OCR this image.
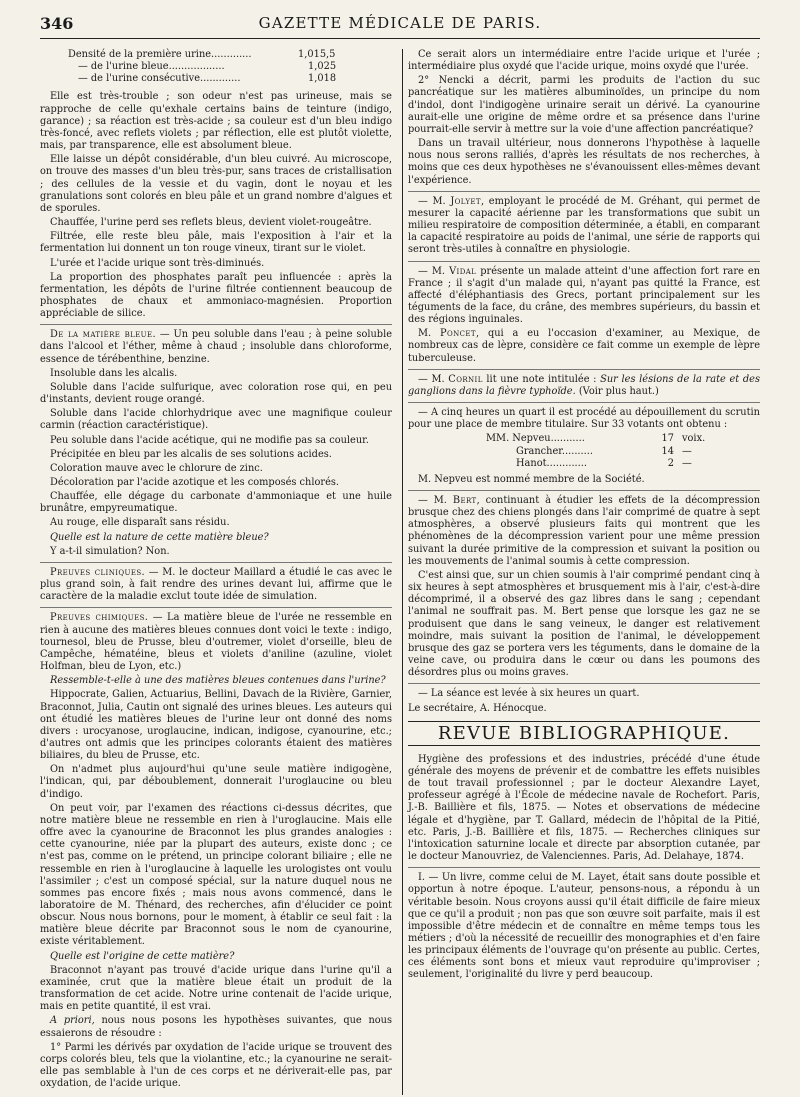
346	GAZETTE MÉDICALE DE PARIS.
Densité de la première urine.............	1,015,5
— de l'urine bleue..................	1,025
— de l'urine consécutive.............	1,018

Elle est très-trouble ; son odeur n'est pas urineuse, mais se rapproche de celle qu'exhale certains bains de teinture (indigo, garance) ; sa réaction est très-acide ; sa couleur est d'un bleu indigo très-foncé, avec reflets violets ; par réflection, elle est plutôt violette, mais, par transparence, elle est absolument bleue.

Elle laisse un dépôt considérable, d'un bleu cuivré. Au microscope, on trouve des masses d'un bleu très-pur, sans traces de cristallisation ; des cellules de la vessie et du vagin, dont le noyau et les granulations sont colorés en bleu pâle et un grand nombre d'algues et de sporules.

Chauffée, l'urine perd ses reflets bleus, devient violet-rougeâtre.

Filtrée, elle reste bleu pâle, mais l'exposition à l'air et la fermentation lui donnent un ton rouge vineux, tirant sur le violet.

L'urée et l'acide urique sont très-diminués.

La proportion des phosphates paraît peu influencée : après la fermentation, les dépôts de l'urine filtrée contiennent beaucoup de phosphates de chaux et ammoniaco-magnésien. Proportion appréciable de silice.

De la matière bleue. — Un peu soluble dans l'eau ; à peine soluble dans l'alcool et l'éther, même à chaud ; insoluble dans chloroforme, essence de térébenthine, benzine.

Insoluble dans les alcalis.

Soluble dans l'acide sulfurique, avec coloration rose qui, en peu d'instants, devient rouge orangé.

Soluble dans l'acide chlorhydrique avec une magnifique couleur carmin (réaction caractéristique).

Peu soluble dans l'acide acétique, qui ne modifie pas sa couleur.

Précipitée en bleu par les alcalis de ses solutions acides.

Coloration mauve avec le chlorure de zinc.

Décoloration par l'acide azotique et les composés chlorés.

Chauffée, elle dégage du carbonate d'ammoniaque et une huile brunâtre, empyreumatique.

Au rouge, elle disparaît sans résidu.

Quelle est la nature de cette matière bleue?

Y a-t-il simulation? Non.

Preuves cliniques. — M. le docteur Maillard a étudié le cas avec le plus grand soin, à fait rendre des urines devant lui, affirme que le caractère de la maladie exclut toute idée de simulation.

Preuves chimiques. — La matière bleue de l'urée ne ressemble en rien à aucune des matières bleues connues dont voici le texte : indigo, tournesol, bleu de Prusse, bleu d'outremer, violet d'orseille, bleu de Campêche, hématéine, bleus et violets d'aniline (azuline, violet Holfman, bleu de Lyon, etc.)

Ressemble-t-elle à une des matières bleues contenues dans l'urine?

Hippocrate, Galien, Actuarius, Bellini, Davach de la Rivière, Garnier, Braconnot, Julia, Cautin ont signalé des urines bleues. Les auteurs qui ont étudié les matières bleues de l'urine leur ont donné des noms divers : urocyanose, uroglaucine, indican, indigose, cyanourine, etc.; d'autres ont admis que les principes colorants étaient des matières biliaires, du bleu de Prusse, etc.

On n'admet plus aujourd'hui qu'une seule matière indigogène, l'indican, qui, par déboublement, donnerait l'uroglaucine ou bleu d'indigo.

On peut voir, par l'examen des réactions ci-dessus décrites, que notre matière bleue ne ressemble en rien à l'uroglaucine. Mais elle offre avec la cyanourine de Braconnot les plus grandes analogies : cette cyanourine, niée par la plupart des auteurs, existe donc ; ce n'est pas, comme on le prétend, un principe colorant biliaire ; elle ne ressemble en rien à l'uroglaucine à laquelle les urologistes ont voulu l'assimiler ; c'est un composé spécial, sur la nature duquel nous ne sommes pas encore fixés ; mais nous avons commencé, dans le laboratoire de M. Thénard, des recherches, afin d'élucider ce point obscur. Nous nous bornons, pour le moment, à établir ce seul fait : la matière bleue décrite par Braconnot sous le nom de cyanourine, existe véritablement.

Quelle est l'origine de cette matière?

Braconnot n'ayant pas trouvé d'acide urique dans l'urine qu'il a examinée, crut que la matière bleue était un produit de la transformation de cet acide. Notre urine contenait de l'acide urique, mais en petite quantité, il est vrai.

A priori, nous nous posons les hypothèses suivantes, que nous essaierons de résoudre :

1° Parmi les dérivés par oxydation de l'acide urique se trouvent des corps colorés bleu, tels que la violantine, etc.; la cyanourine ne serait-elle pas semblable à l'un de ces corps et ne dériverait-elle pas, par oxydation, de l'acide urique.

Ce serait alors un intermédiaire entre l'acide urique et l'urée ; intermédiaire plus oxydé que l'acide urique, moins oxydé que l'urée.

2° Nencki a décrit, parmi les produits de l'action du suc pancréatique sur les matières albuminoïdes, un principe du nom d'indol, dont l'indigogène urinaire serait un dérivé. La cyanourine aurait-elle une origine de même ordre et sa présence dans l'urine pourrait-elle servir à mettre sur la voie d'une affection pancréatique?

Dans un travail ultérieur, nous donnerons l'hypothèse à laquelle nous nous serons ralliés, d'après les résultats de nos recherches, à moins que ces deux hypothèses ne s'évanouissent elles-mêmes devant l'expérience.

— M. Jolyet, employant le procédé de M. Gréhant, qui permet de mesurer la capacité aérienne par les transformations que subit un milieu respiratoire de composition déterminée, a établi, en comparant la capacité respiratoire au poids de l'animal, une série de rapports qui seront très-utiles à connaître en physiologie.

— M. Vidal présente un malade atteint d'une affection fort rare en France ; il s'agit d'un malade qui, n'ayant pas quitté la France, est affecté d'éléphantiasis des Grecs, portant principalement sur les téguments de la face, du crâne, des membres supérieurs, du bassin et des régions inguinales.

M. Poncet, qui a eu l'occasion d'examiner, au Mexique, de nombreux cas de lèpre, considère ce fait comme un exemple de lèpre tuberculeuse.

— M. Cornil lit une note intitulée : Sur les lésions de la rate et des ganglions dans la fièvre typhoïde. (Voir plus haut.)

— A cinq heures un quart il est procédé au dépouillement du scrutin pour une place de membre titulaire. Sur 33 votants ont obtenu :

MM. Nepveu...........	17 voix.
Grancher..........	14 —
Hanot.............	2 —

M. Nepveu est nommé membre de la Société.

— M. Bert, continuant à étudier les effets de la décompression brusque chez des chiens plongés dans l'air comprimé de quatre à sept atmosphères, a observé plusieurs faits qui montrent que les phénomènes de la décompression varient pour une même pression suivant la durée primitive de la compression et suivant la position ou les mouvements de l'animal soumis à cette compression.

C'est ainsi que, sur un chien soumis à l'air comprimé pendant cinq à six heures à sept atmosphères et brusquement mis à l'air, c'est-à-dire décomprimé, il a observé des gaz libres dans le sang ; cependant l'animal ne souffrait pas. M. Bert pense que lorsque les gaz ne se produisent que dans le sang veineux, le danger est relativement moindre, mais suivant la position de l'animal, le développement brusque des gaz se portera vers les téguments, dans le domaine de la veine cave, ou produira dans le cœur ou dans les poumons des désordres plus ou moins graves.

— La séance est levée à six heures un quart.

Le secrétaire, A. Hénocque.

REVUE BIBLIOGRAPHIQUE.

Hygiène des professions et des industries, précédé d'une étude générale des moyens de prévenir et de combattre les effets nuisibles de tout travail professionnel ; par le docteur Alexandre Layet, professeur agrégé à l'École de médecine navale de Rochefort. Paris, J.-B. Baillière et fils, 1875. — Notes et observations de médecine légale et d'hygiène, par T. Gallard, médecin de l'hôpital de la Pitié, etc. Paris, J.-B. Baillière et fils, 1875. — Recherches cliniques sur l'intoxication saturnine locale et directe par absorption cutanée, par le docteur Manouvriez, de Valenciennes. Paris, Ad. Delahaye, 1874.

I. — Un livre, comme celui de M. Layet, était sans doute possible et opportun à notre époque. L'auteur, pensons-nous, a répondu à un véritable besoin. Nous croyons aussi qu'il était difficile de faire mieux que ce qu'il a produit ; non pas que son œuvre soit parfaite, mais il est impossible d'être médecin et de connaître en même temps tous les métiers ; d'où la nécessité de recueillir des monographies et d'en faire les principaux éléments de l'ouvrage qu'on présente au public. Certes, ces éléments sont bons et mieux vaut reproduire qu'improviser ; seulement, l'originalité du livre y perd beaucoup.
